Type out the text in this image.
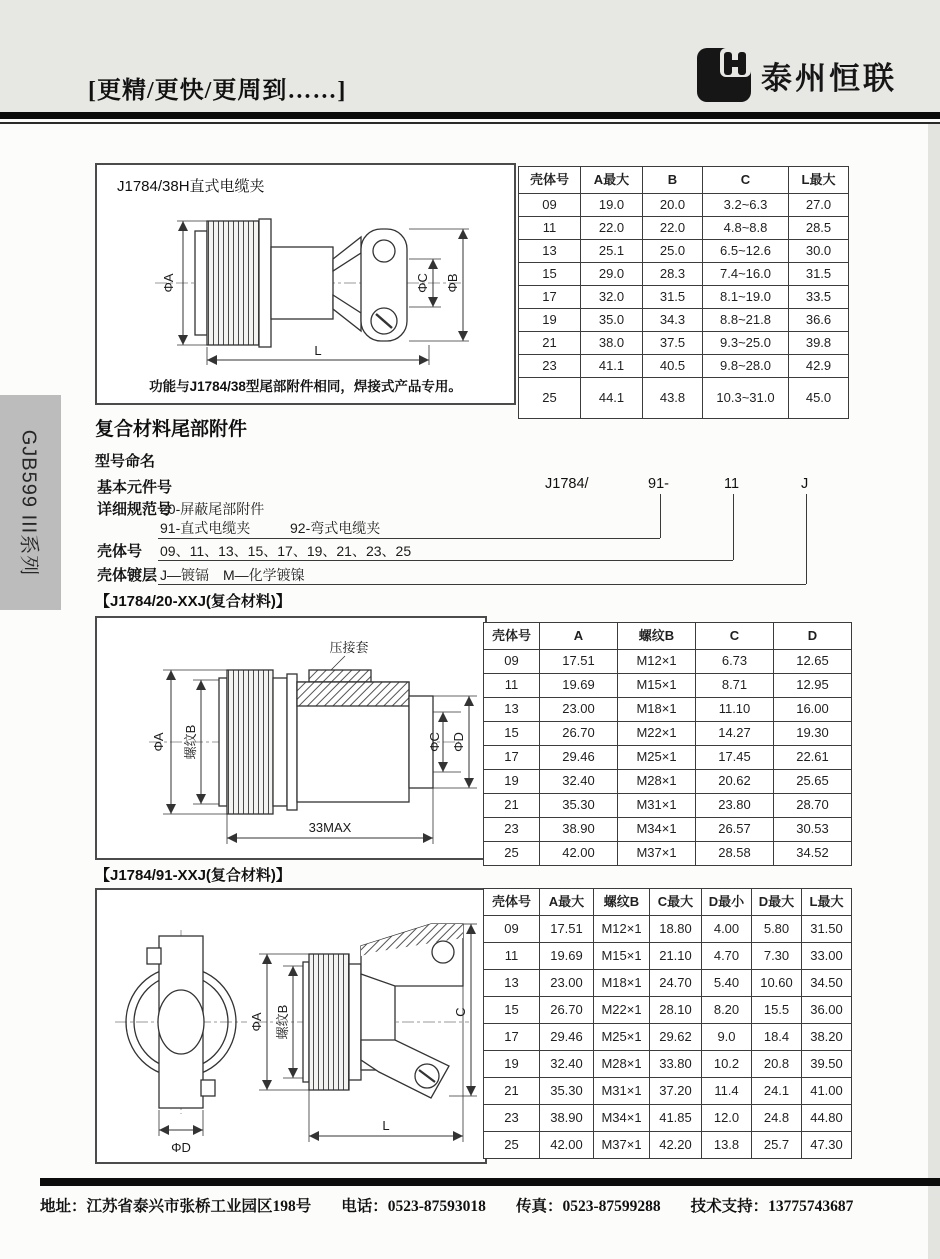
[更精/更快/更周到……]	泰州恒联
J1784/38H直式电缆夹
ΦA	ΦC ΦB
L
功能与J1784/38型尾部附件相同，焊接式产品专用。
壳体号	A最大	B	C	L最大
09	19.0	20.0	3.2~6.3	27.0
11	22.0	22.0	4.8~8.8	28.5
13	25.1	25.0	6.5~12.6	30.0
15	29.0	28.3	7.4~16.0	31.5
17	32.0	31.5	8.1~19.0	33.5
19	35.0	34.3	8.8~21.8	36.6
21	38.0	37.5	9.3~25.0	39.8
23	41.1	40.5	9.8~28.0	42.9
25	44.1	43.8	10.3~31.0	45.0
复合材料尾部附件
型号命名
基本元件号	J1784/	91-	11	J
详细规范号
20-屏蔽尾部附件
91-直式电缆夹	92-弯式电缆夹
壳体号 09、11、13、15、17、19、21、23、25
壳体镀层 J—镀镉　M—化学镀镍
GJB599 III系列
【J1784/20-XXJ(复合材料)】
压接套
ΦA 螺纹B	ΦC ΦD
33MAX
壳体号	A	螺纹B	C	D
09	17.51	M12×1	6.73	12.65
11	19.69	M15×1	8.71	12.95
13	23.00	M18×1	11.10	16.00
15	26.70	M22×1	14.27	19.30
17	29.46	M25×1	17.45	22.61
19	32.40	M28×1	20.62	25.65
21	35.30	M31×1	23.80	28.70
23	38.90	M34×1	26.57	30.53
25	42.00	M37×1	28.58	34.52
【J1784/91-XXJ(复合材料)】
ΦD
ΦA 螺纹B	C
L
壳体号	A最大	螺纹B	C最大	D最小	D最大	L最大
09	17.51	M12×1	18.80	4.00	5.80	31.50
11	19.69	M15×1	21.10	4.70	7.30	33.00
13	23.00	M18×1	24.70	5.40	10.60	34.50
15	26.70	M22×1	28.10	8.20	15.5	36.00
17	29.46	M25×1	29.62	9.0	18.4	38.20
19	32.40	M28×1	33.80	10.2	20.8	39.50
21	35.30	M31×1	37.20	11.4	24.1	41.00
23	38.90	M34×1	41.85	12.0	24.8	44.80
25	42.00	M37×1	42.20	13.8	25.7	47.30
地址：江苏省泰兴市张桥工业园区198号 电话：0523-87593018 传真：0523-87599288 技术支持：13775743687
